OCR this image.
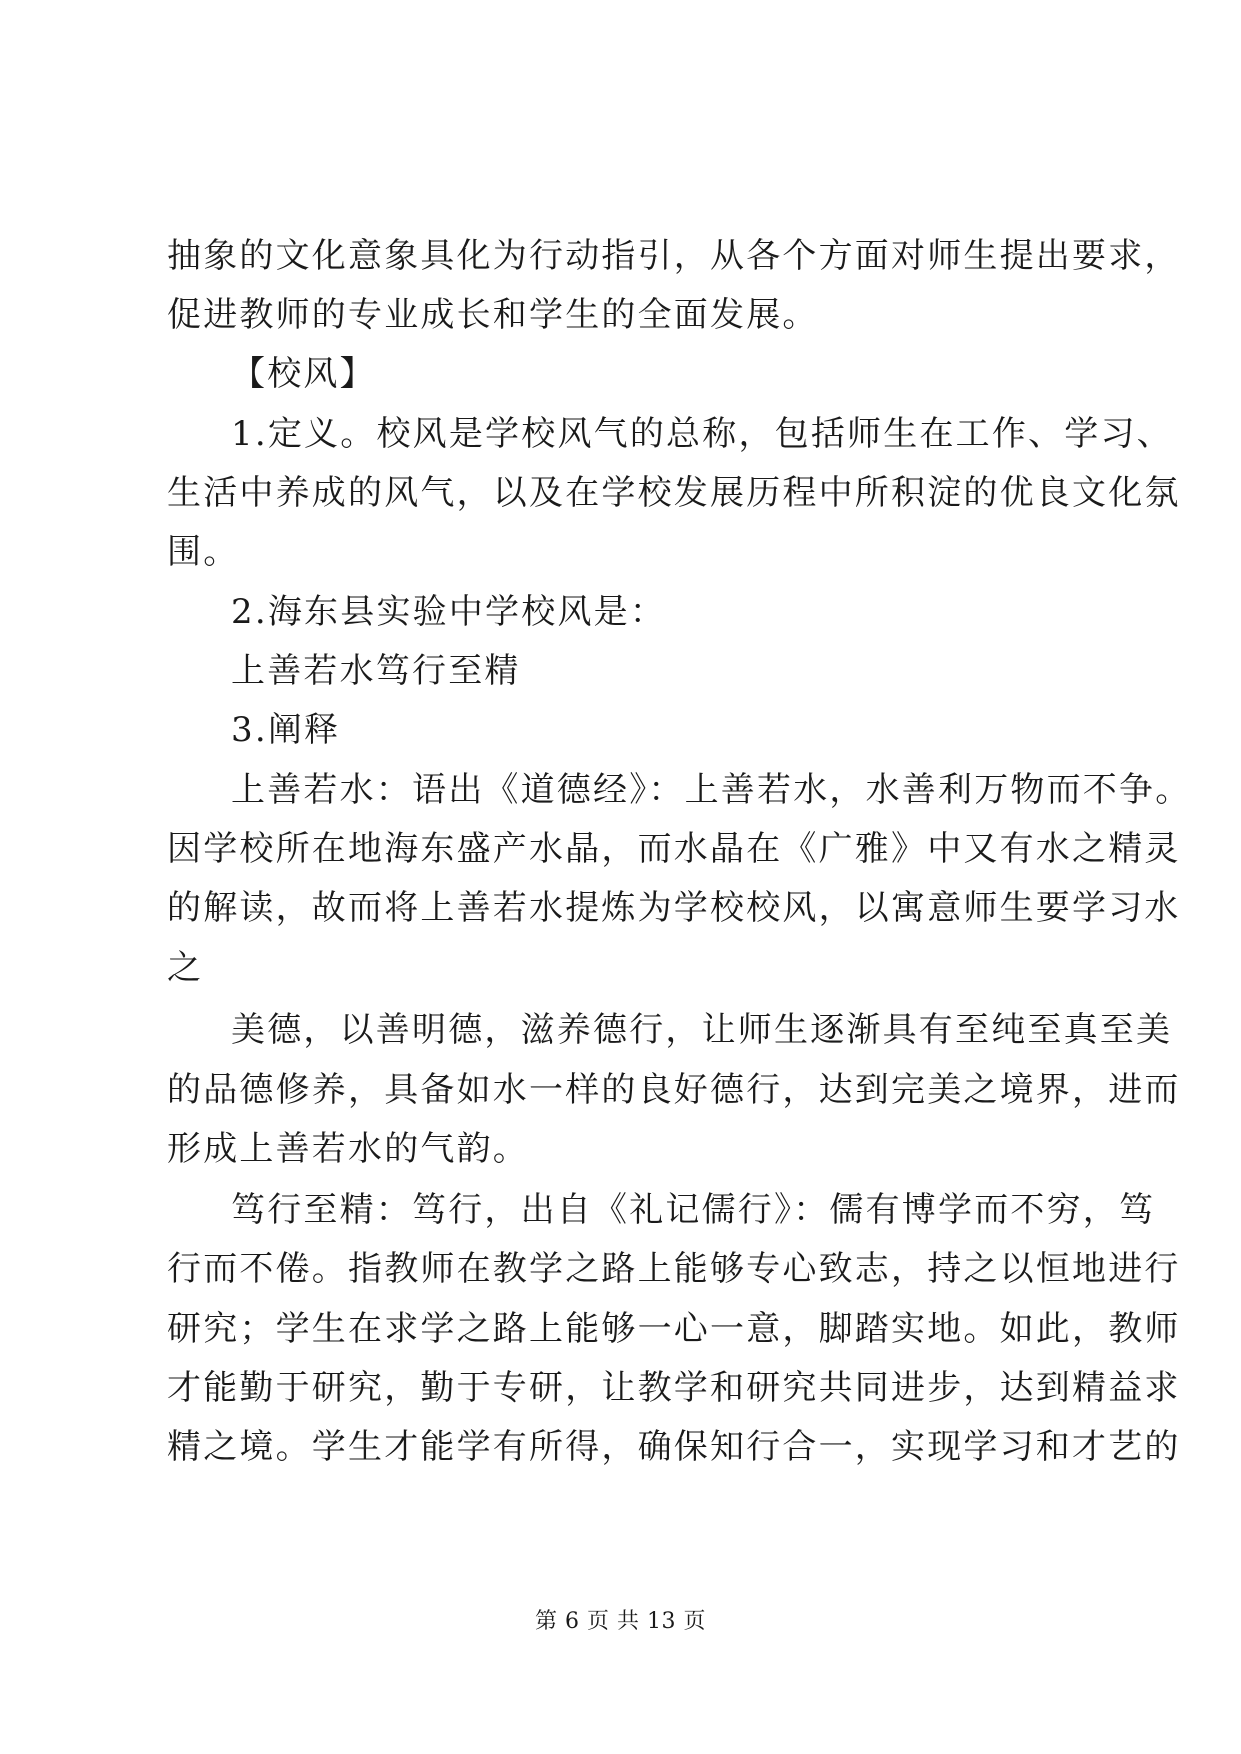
抽象的文化意象具化为行动指引，从各个方面对师生提出要求，
促进教师的专业成长和学生的全面发展。
【校风】
1.定义。校风是学校风气的总称，包括师生在工作、学习、
生活中养成的风气，以及在学校发展历程中所积淀的优良文化氛
围。
2.海东县实验中学校风是：
上善若水笃行至精
3.阐释
上善若水：语出《道德经》：上善若水，水善利万物而不争。
因学校所在地海东盛产水晶，而水晶在《广雅》中又有水之精灵
的解读，故而将上善若水提炼为学校校风，以寓意师生要学习水
之
美德，以善明德，滋养德行，让师生逐渐具有至纯至真至美
的品德修养，具备如水一样的良好德行，达到完美之境界，进而
形成上善若水的气韵。
笃行至精：笃行，出自《礼记儒行》：儒有博学而不穷，笃
行而不倦。指教师在教学之路上能够专心致志，持之以恒地进行
研究；学生在求学之路上能够一心一意，脚踏实地。如此，教师
才能勤于研究，勤于专研，让教学和研究共同进步，达到精益求
精之境。学生才能学有所得，确保知行合一，实现学习和才艺的
第 6 页 共 13 页
